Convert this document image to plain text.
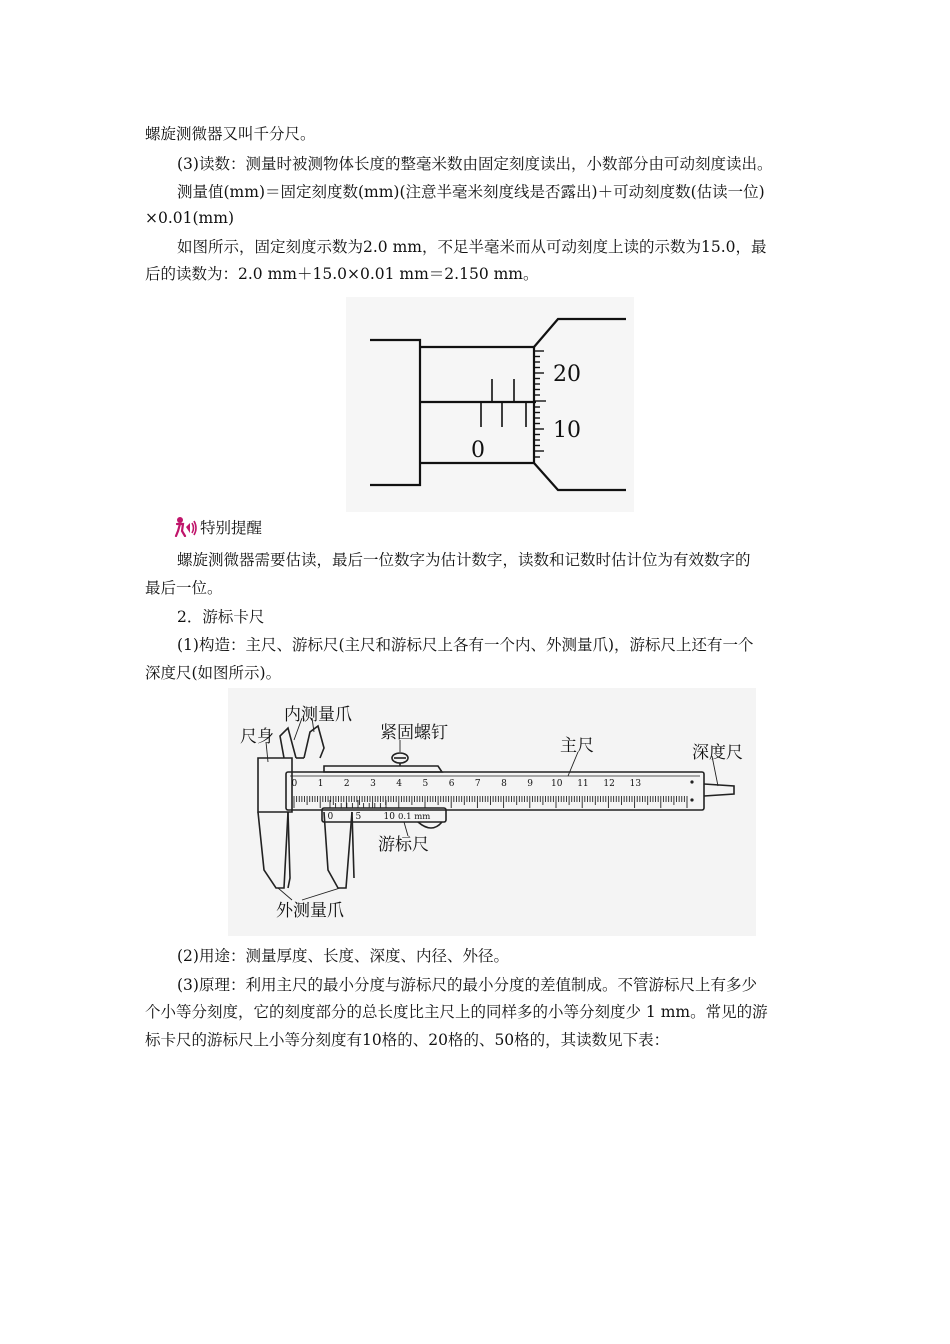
螺旋测微器又叫千分尺。
(3)读数：测量时被测物体长度的整毫米数由固定刻度读出，小数部分由可动刻度读出。
测量值(mm)＝固定刻度数(mm)(注意半毫米刻度线是否露出)＋可动刻度数(估读一位)
×0.01(mm)
如图所示，固定刻度示数为2.0 mm，不足半毫米而从可动刻度上读的示数为15.0，最
后的读数为：2.0 mm＋15.0×0.01 mm＝2.150 mm。
20
10
0
特别提醒
螺旋测微器需要估读，最后一位数字为估计数字，读数和记数时估计位为有效数字的
最后一位。
2．游标卡尺
(1)构造：主尺、游标尺(主尺和游标尺上各有一个内、外测量爪)，游标尺上还有一个
深度尺(如图所示)。
0 1 2 3 4 5 6 7 8 9 10 11 12 13
0 5 10 0.1 mm
内测量爪
尺身	紧固螺钉
主尺	深度尺
游标尺
外测量爪
(2)用途：测量厚度、长度、深度、内径、外径。
(3)原理：利用主尺的最小分度与游标尺的最小分度的差值制成。不管游标尺上有多少
个小等分刻度，它的刻度部分的总长度比主尺上的同样多的小等分刻度少 1 mm。常见的游
标卡尺的游标尺上小等分刻度有10格的、20格的、50格的，其读数见下表：
